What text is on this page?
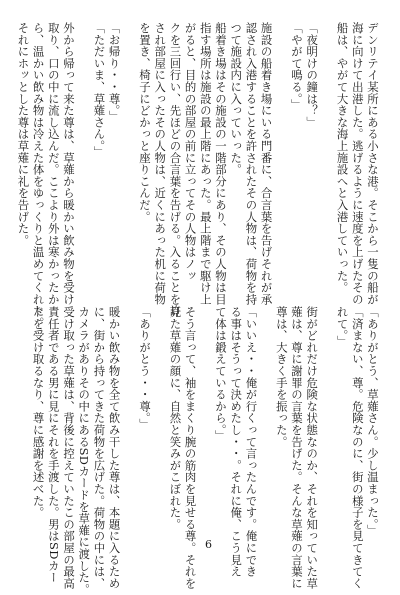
デンリテイ某所にある小さな港。そこから一隻の船が
海に向けて出港した。逃げるように速度を上げたその
船は、やがて大きな海上施設へと入港していった。
「夜明けの鐘は？」
「やがて鳴る。」
施設の船着き場にいる門番に、合言葉を告げそれが承
認され入港することを許されたその人物は、荷物を持
つて施設内に入っていった。
船着き場はその施設の一階部分にあり、その人物は目
指す場所は施設の最上階にあった。最上階まで駆け上
がると、目的の部屋の前に立ってその人物はノッ
クを三回行い、先ほどの合言葉を告げる。入ることを許
され部屋に入ったその人物は、近くにあった机に荷物
を置き、椅子にどかっと座りこんだ。
「お帰り・・尊。」
「ただいま、草薙さん。」
外から帰って来た尊は、草薙から暖かい飲み物を受け
取り、口の中に流し込んだ。ここより外は寒かったか
ら、温かい飲み物は冷えた体をゆっくりと温めてくれた。
それにホッとした尊は草薙に礼を告げた。
「ありがとう、草薙さん。少し温まった。」
「済まない、尊。危険なのに、街の様子を見てきてく
れて。」
街がどれだけ危険な状態なのか、それを知っていた草
薙は、尊に謝罪の言葉を告げた。そんな草薙の言葉に
尊は、大きく手を振った。
「いいえ・・俺が行くって言ったんです。俺にでき
る事はそうって決めたし・・。それに俺、こう見え
て体は鍛えているから。」
そう言って、袖をまくり腕の筋肉を見せる尊。それを
見た草薙の顔に、自然と笑みがこぼれた。
「ありがとう・・尊。」
暖かい飲み物を全て飲み干した尊は、本題に入るため
に、街から持ってきた荷物を広げた。荷物の中には、
カメラがありその中にあるSDカードを草薙に渡した。
受け取った草薙は、背後に控えていたこの部屋の最高
責任者である男に見にそれを手渡した。男はSDカー
ドを受け取るなり、尊に感謝を述べた。
6
